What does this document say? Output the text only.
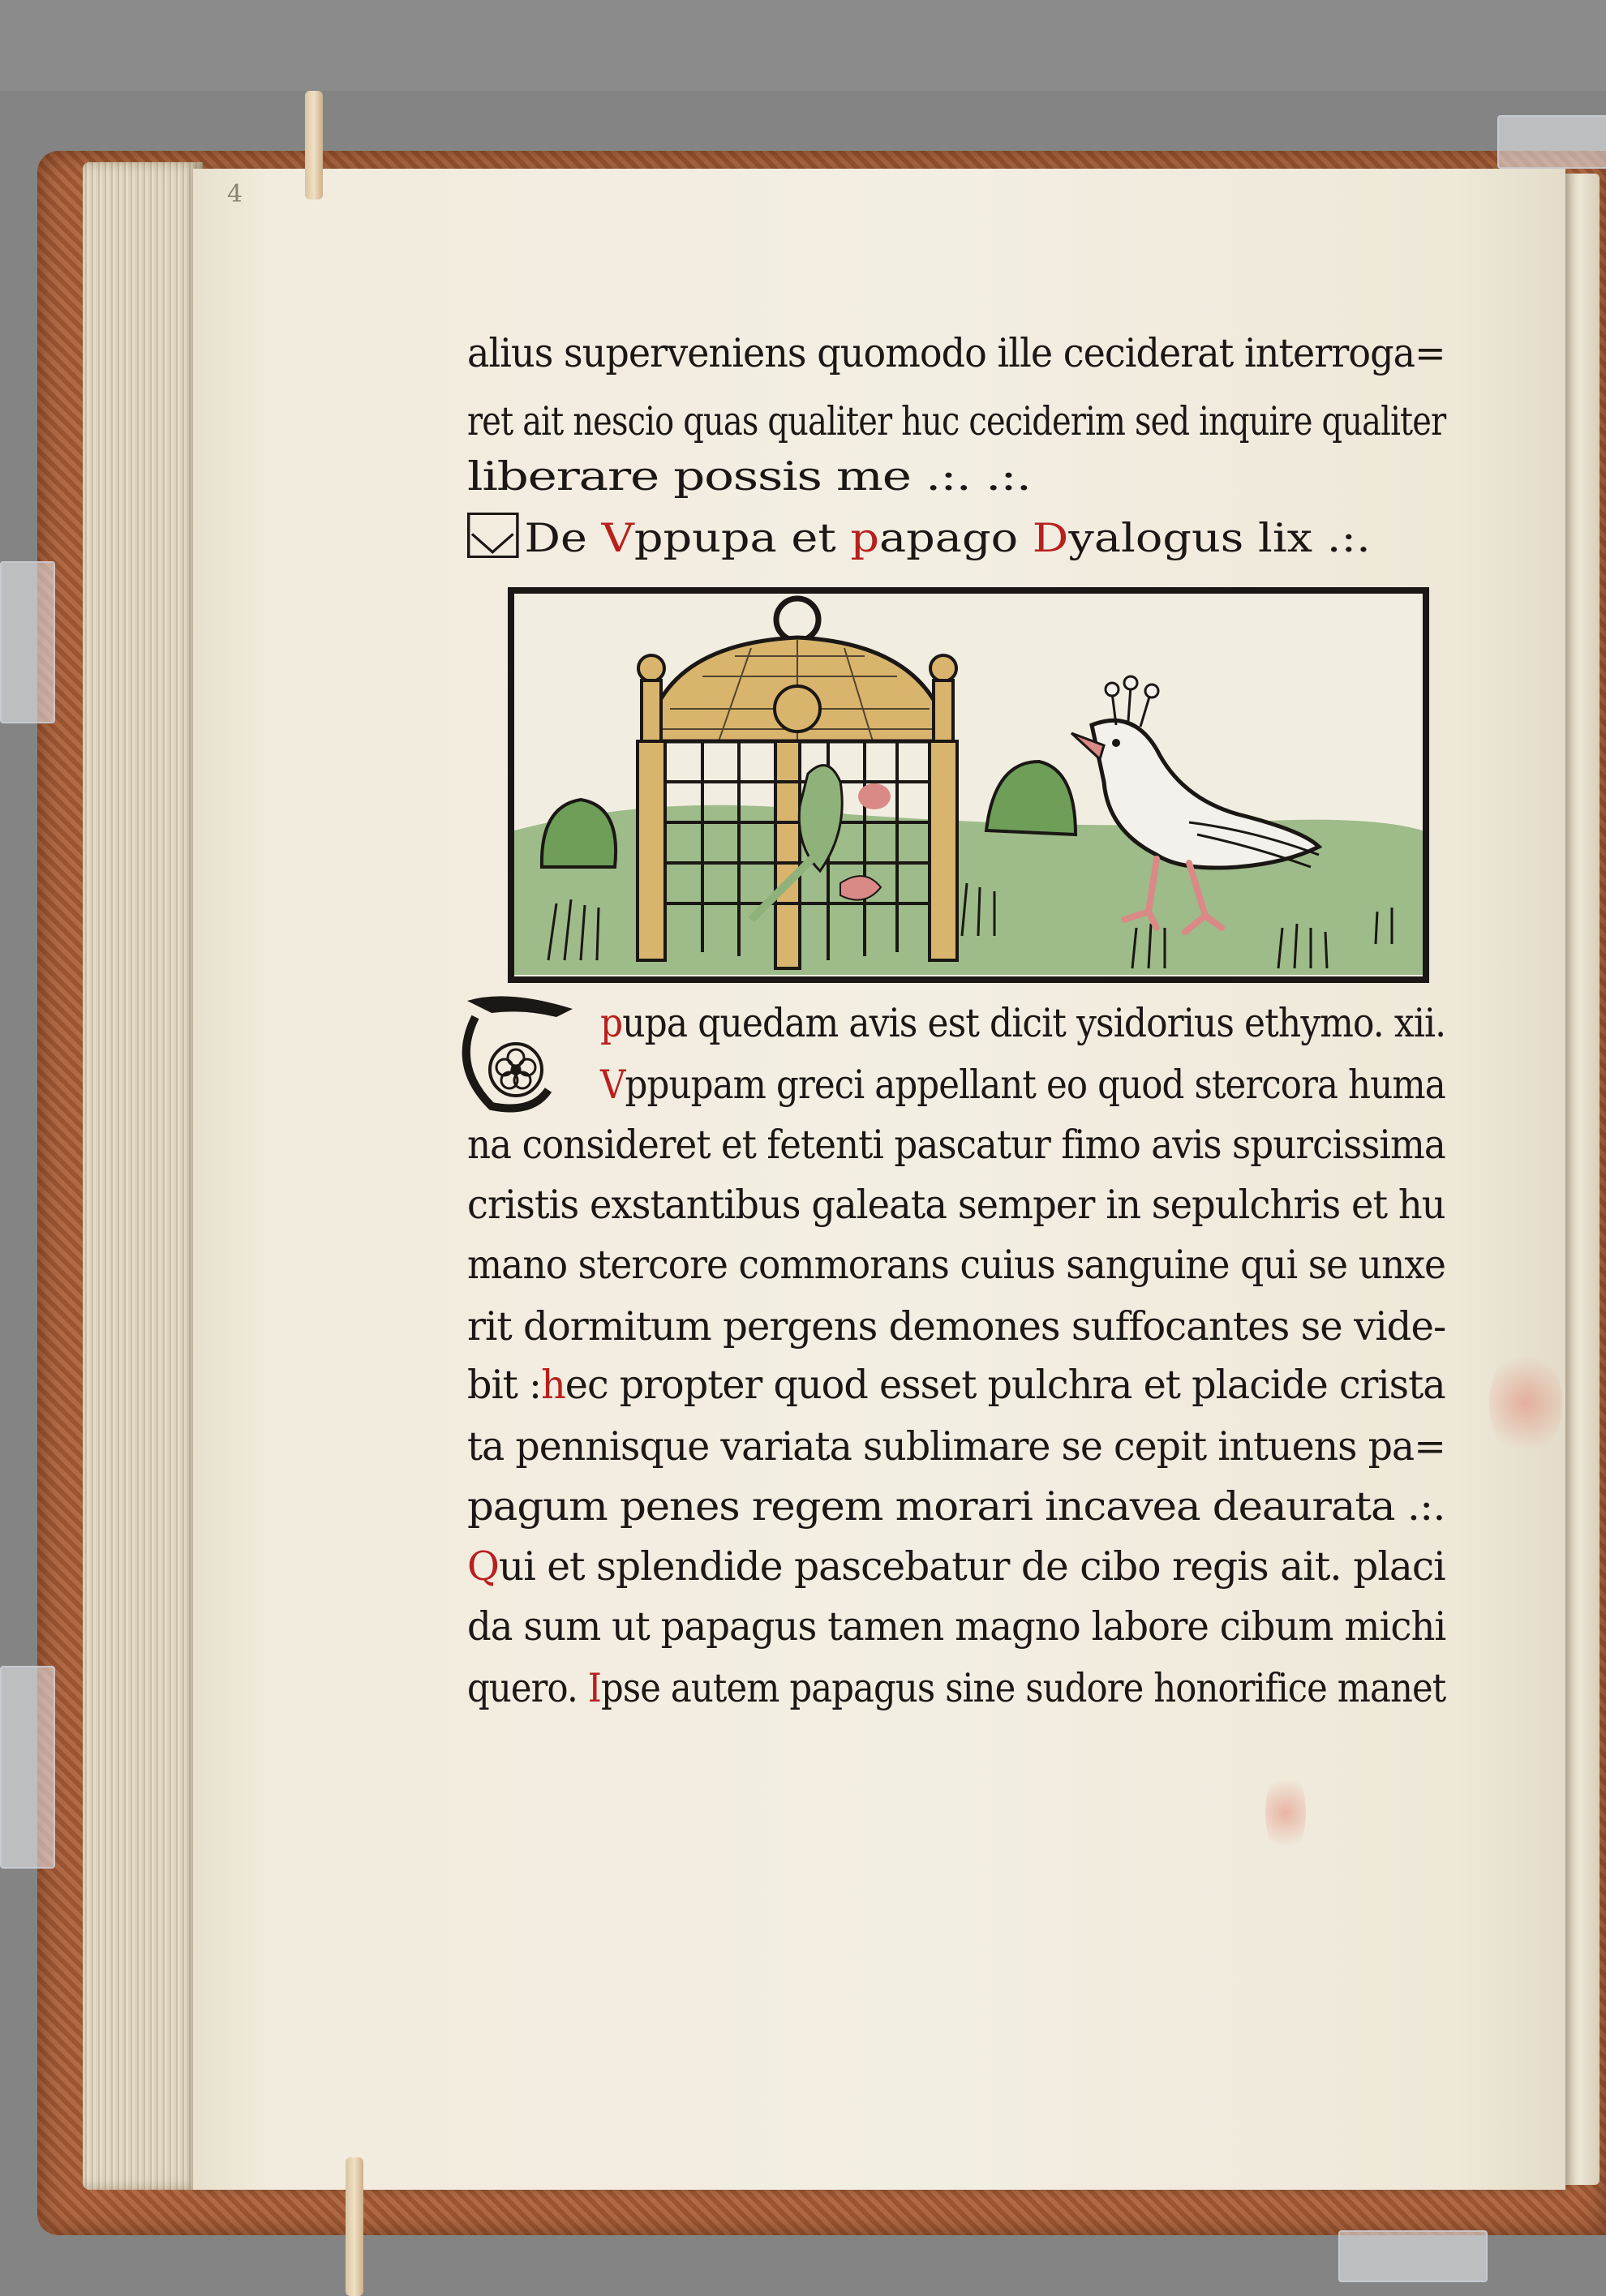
4

alius superveniens quomodo ille ceciderat interroga=
ret ait nescio quas qualiter huc ceciderim sed inquire qualiter
liberare possis me .:. .:.
De Vppupa et papago Dyalogus lix .:.
pupa quedam avis est dicit ysidorius ethymo. xii.
Vppupam greci appellant eo quod stercora huma
na consideret et fetenti pascatur fimo avis spurcissima
cristis exstantibus galeata semper in sepulchris et hu
mano stercore commorans cuius sanguine qui se unxe
rit dormitum pergens demones suffocantes se vide-
bit :hec propter quod esset pulchra et placide crista
ta pennisque variata sublimare se cepit intuens pa=
pagum penes regem morari incavea deaurata .:.
Qui et splendide pascebatur de cibo regis ait. placi
da sum ut papagus tamen magno labore cibum michi
quero. Ipse autem papagus sine sudore honorifice manet
